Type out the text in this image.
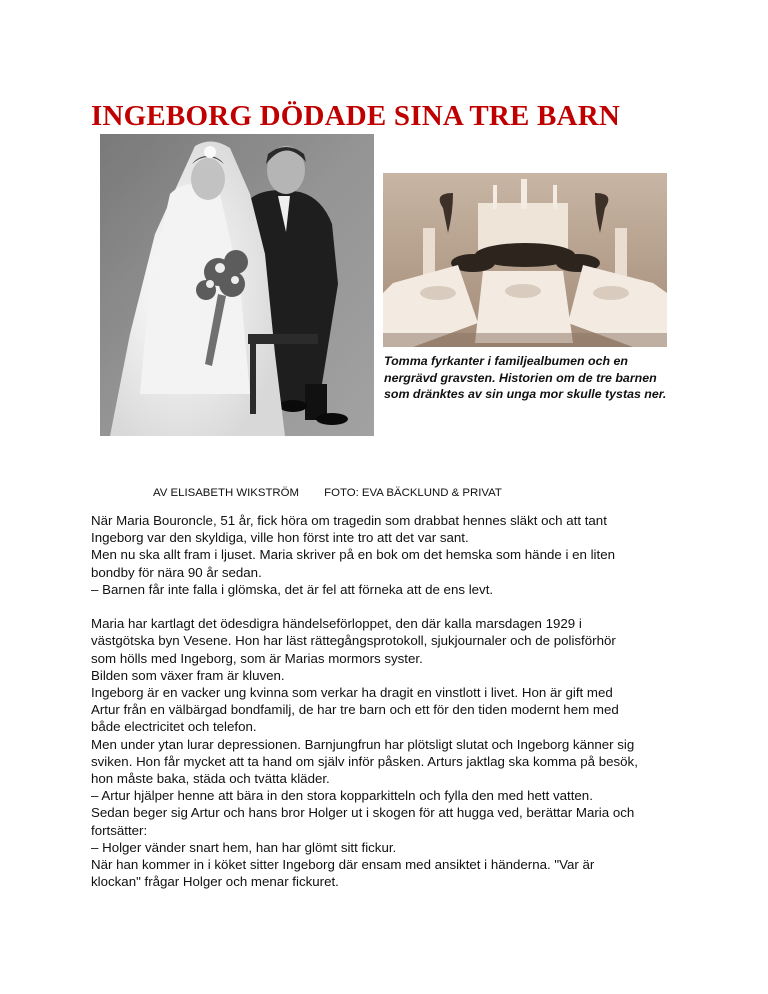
INGEBORG DÖDADE SINA TRE BARN

Tomma fyrkanter i familjealbumen och en nergrävd gravsten. Historien om de tre barnen som dränktes av sin unga mor skulle tystas ner.

AV ELISABETH WIKSTRÖM FOTO: EVA BÄCKLUND & PRIVAT

När Maria Bouroncle, 51 år, fick höra om tragedin som drabbat hennes släkt och att tant

Ingeborg var den skyldiga, ville hon först inte tro att det var sant.

Men nu ska allt fram i ljuset. Maria skriver på en bok om det hemska som hände i en liten

bondby för nära 90 år sedan.

– Barnen får inte falla i glömska, det är fel att förneka att de ens levt.

Maria har kartlagt det ödesdigra händelseförloppet, den där kalla marsdagen 1929 i

västgötska byn Vesene. Hon har läst rättegångsprotokoll, sjukjournaler och de polisförhör

som hölls med Ingeborg, som är Marias mormors syster.

Bilden som växer fram är kluven.

Ingeborg är en vacker ung kvinna som verkar ha dragit en vinstlott i livet. Hon är gift med

Artur från en välbärgad bondfamilj, de har tre barn och ett för den tiden modernt hem med

både electricitet och telefon.

Men under ytan lurar depressionen. Barnjungfrun har plötsligt slutat och Ingeborg känner sig

sviken. Hon får mycket att ta hand om själv inför påsken. Arturs jaktlag ska komma på besök,

hon måste baka, städa och tvätta kläder.

– Artur hjälper henne att bära in den stora kopparkitteln och fylla den med hett vatten.

Sedan beger sig Artur och hans bror Holger ut i skogen för att hugga ved, berättar Maria och

fortsätter:

– Holger vänder snart hem, han har glömt sitt fickur.

När han kommer in i köket sitter Ingeborg där ensam med ansiktet i händerna. "Var är

klockan" frågar Holger och menar fickuret.
